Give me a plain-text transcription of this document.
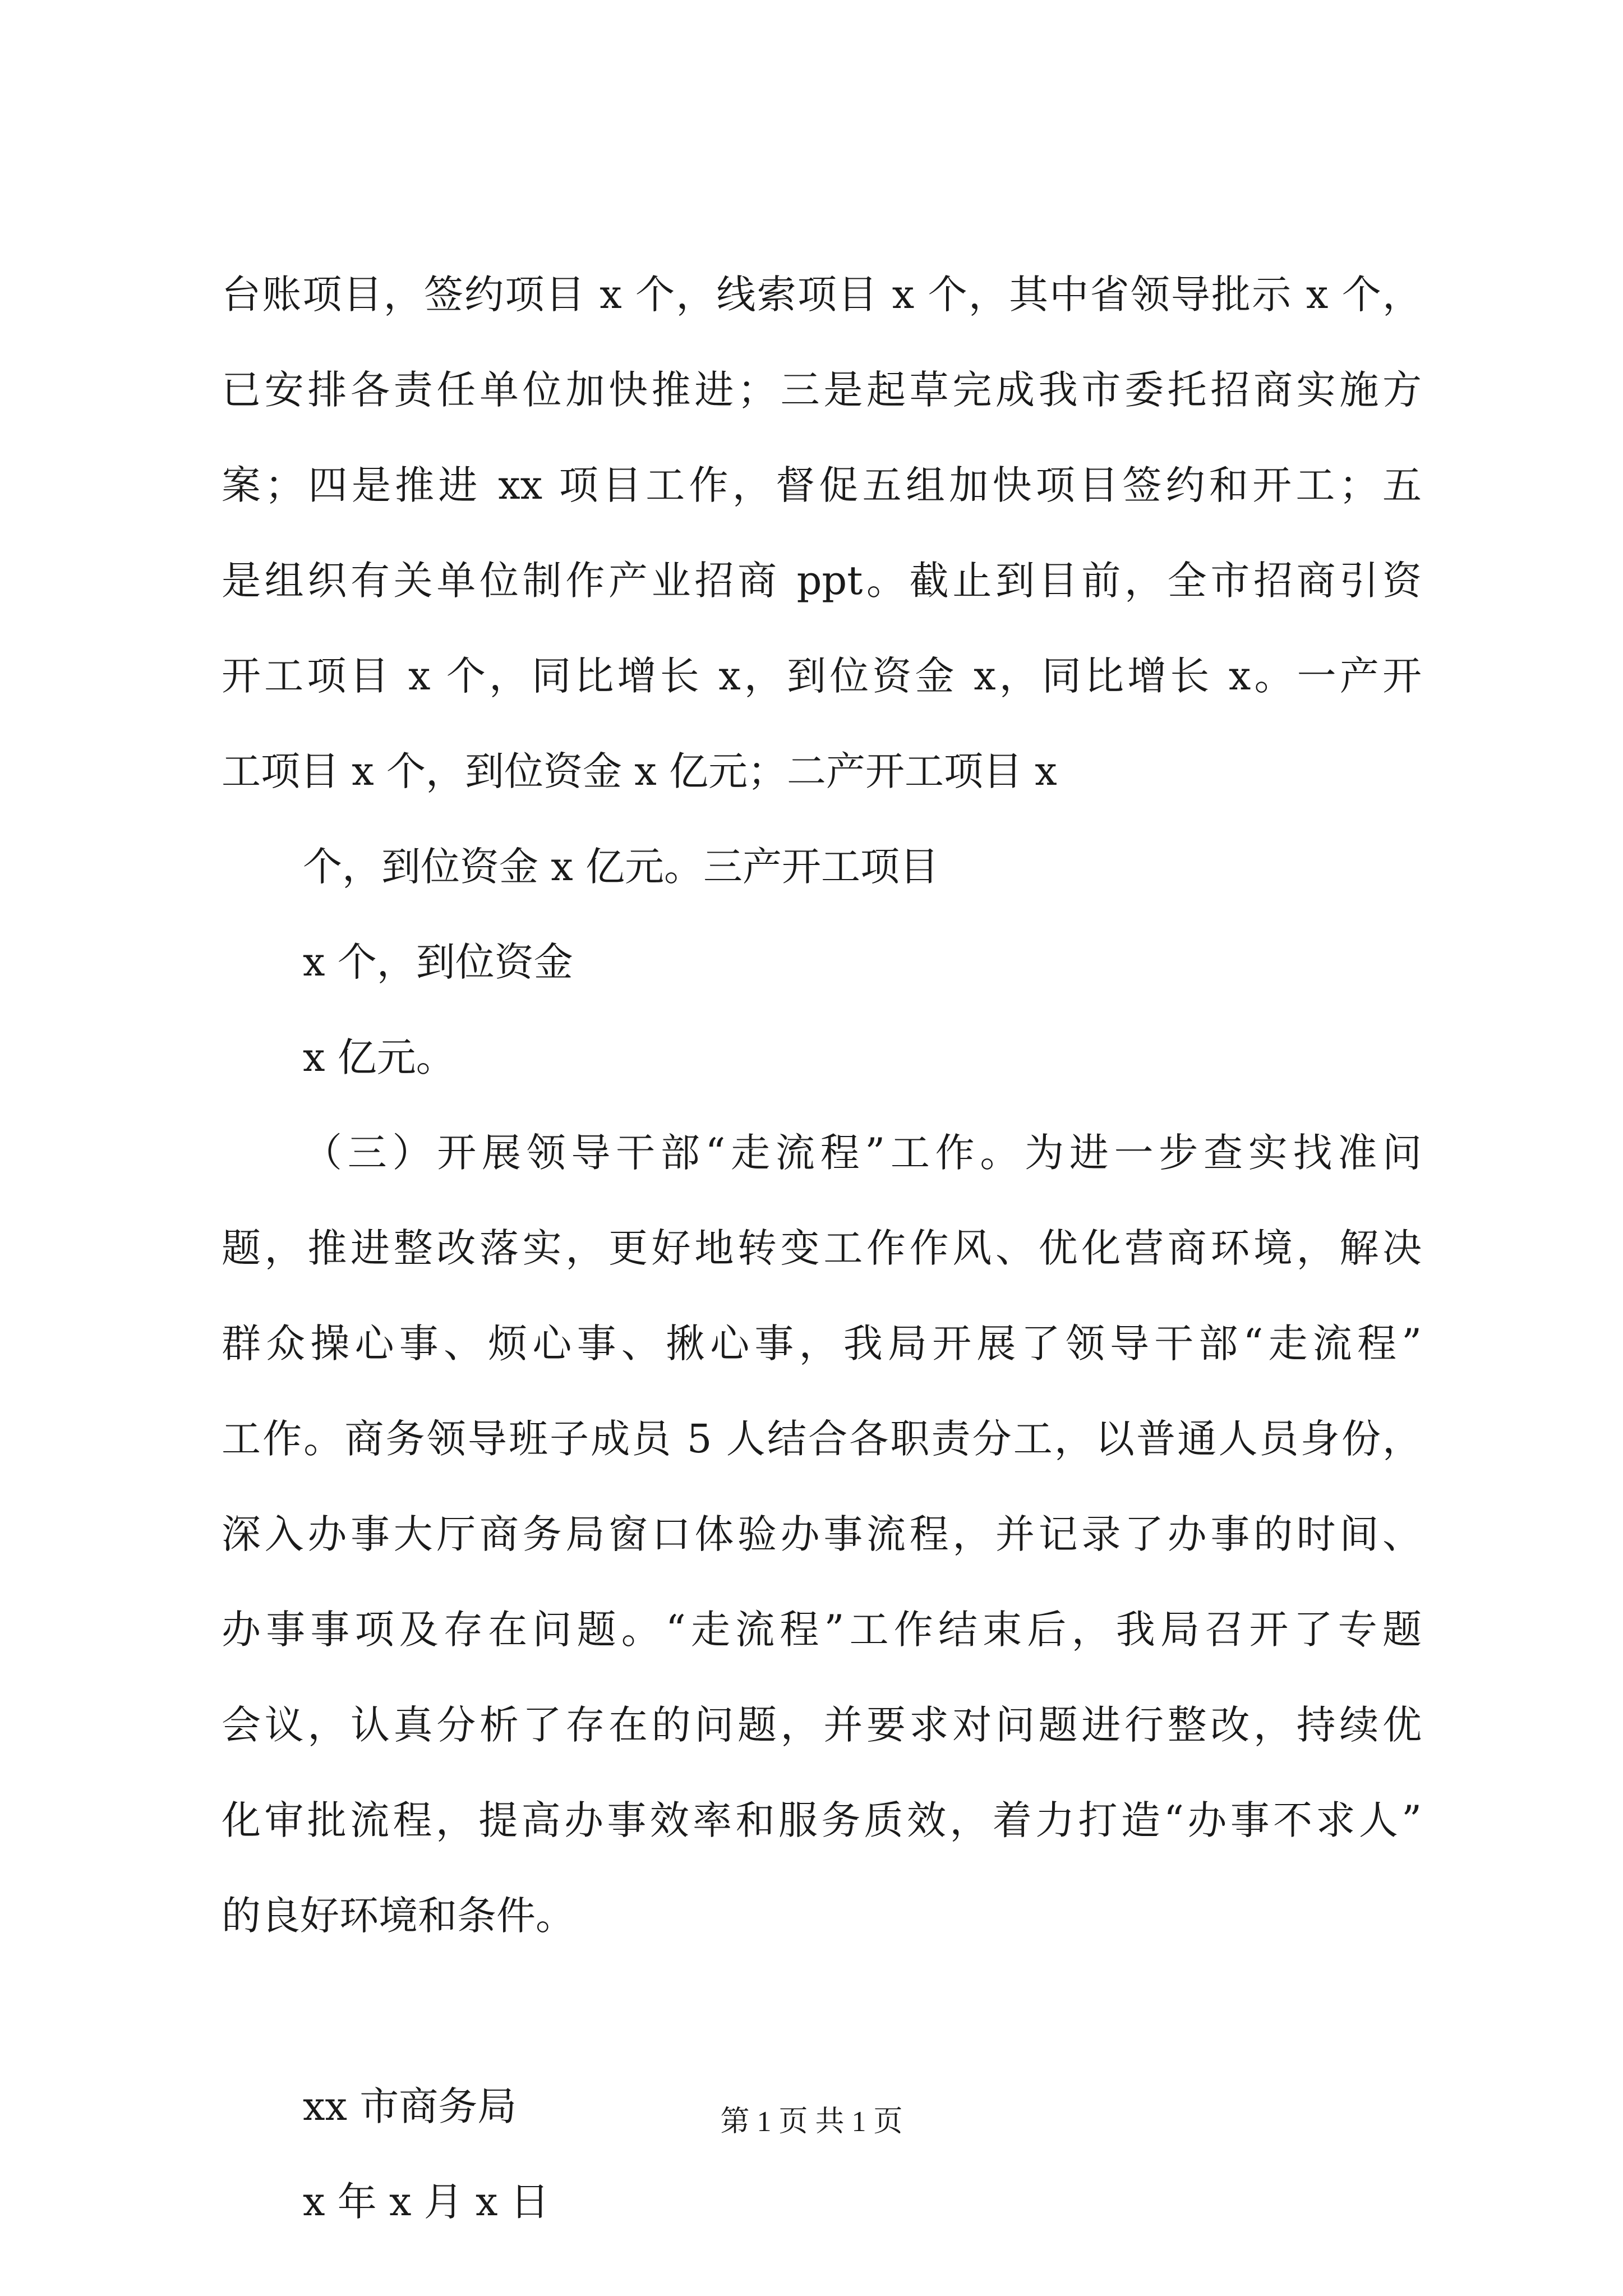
台账项目，签约项目 x 个，线索项目 x 个，其中省领导批示 x 个，
已安排各责任单位加快推进；三是起草完成我市委托招商实施方
案；四是推进 xx 项目工作，督促五组加快项目签约和开工；五
是组织有关单位制作产业招商 ppt。截止到目前，全市招商引资
开工项目 x 个，同比增长 x，到位资金 x，同比增长 x。一产开
工项目 x 个，到位资金 x 亿元；二产开工项目 x
个，到位资金 x 亿元。三产开工项目
x 个，到位资金
x 亿元。
（三）开展领导干部“走流程”工作。为进一步查实找准问
题，推进整改落实，更好地转变工作作风、优化营商环境，解决
群众操心事、烦心事、揪心事，我局开展了领导干部“走流程”
工作。商务领导班子成员 5 人结合各职责分工，以普通人员身份，
深入办事大厅商务局窗口体验办事流程，并记录了办事的时间、
办事事项及存在问题。“走流程”工作结束后，我局召开了专题
会议，认真分析了存在的问题，并要求对问题进行整改，持续优
化审批流程，提高办事效率和服务质效，着力打造“办事不求人”
的良好环境和条件。
xx 市商务局
x 年 x 月 x 日
第 1 页 共 1 页
